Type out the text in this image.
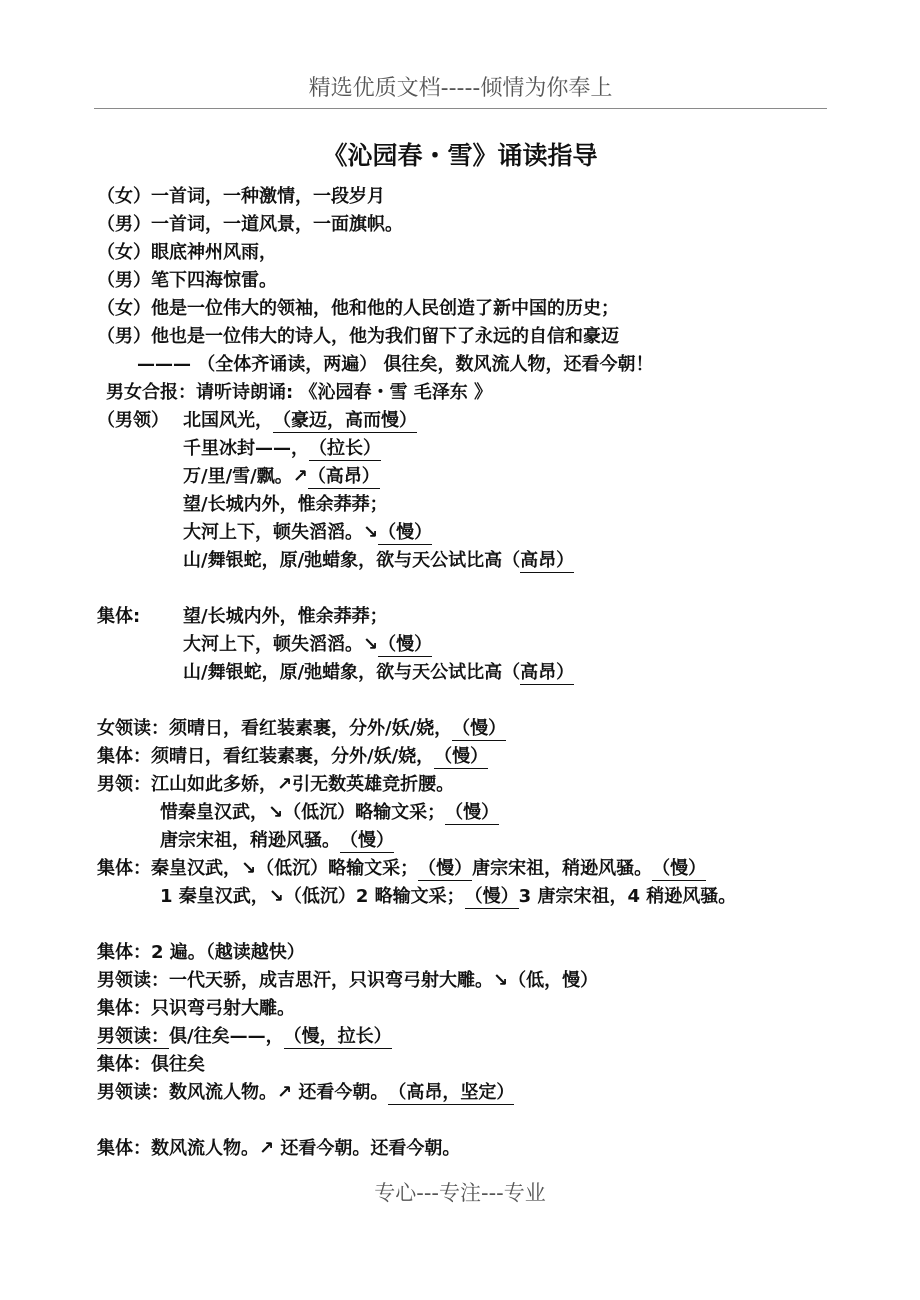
精选优质文档-----倾情为你奉上
《沁园春・雪》诵读指导
（女）一首词，一种激情，一段岁月
（男）一首词，一道风景，一面旗帜。
（女）眼底神州风雨，
（男）笔下四海惊雷。
（女）他是一位伟大的领袖，他和他的人民创造了新中国的历史；
（男）他也是一位伟大的诗人，他为我们留下了永远的自信和豪迈
——— （全体齐诵读，两遍） 俱往矣，数风流人物，还看今朝！
男女合报：请听诗朗诵: 《沁园春・雪 毛泽东 》
（男领） 北国风光，（豪迈，高而慢）
千里冰封——，（拉长）
万/里/雪/飘。↗（高昂）
望/长城内外，惟余莽莽；
大河上下，顿失滔滔。↘（慢）
山/舞银蛇，原/弛蜡象，欲与天公试比高（高昂）
集体: 望/长城内外，惟余莽莽；
大河上下，顿失滔滔。↘（慢）
山/舞银蛇，原/弛蜡象，欲与天公试比高（高昂）
女领读：须晴日，看红装素裹，分外/妖/娆，（慢）
集体：须晴日，看红装素裹，分外/妖/娆，（慢）
男领：江山如此多娇，↗引无数英雄竞折腰。
惜秦皇汉武，↘（低沉）略输文采；（慢）
唐宗宋祖，稍逊风骚。（慢）
集体：秦皇汉武，↘（低沉）略输文采；（慢）唐宗宋祖，稍逊风骚。（慢）
1 秦皇汉武，↘（低沉）2 略输文采；（慢）3 唐宗宋祖，4 稍逊风骚。
集体：2 遍。（越读越快）
男领读：一代天骄，成吉思汗，只识弯弓射大雕。↘（低，慢）
集体：只识弯弓射大雕。
男领读：俱/往矣——，（慢，拉长）
集体：俱往矣
男领读：数风流人物。↗ 还看今朝。（高昂，坚定）
集体：数风流人物。↗ 还看今朝。还看今朝。
专心---专注---专业
